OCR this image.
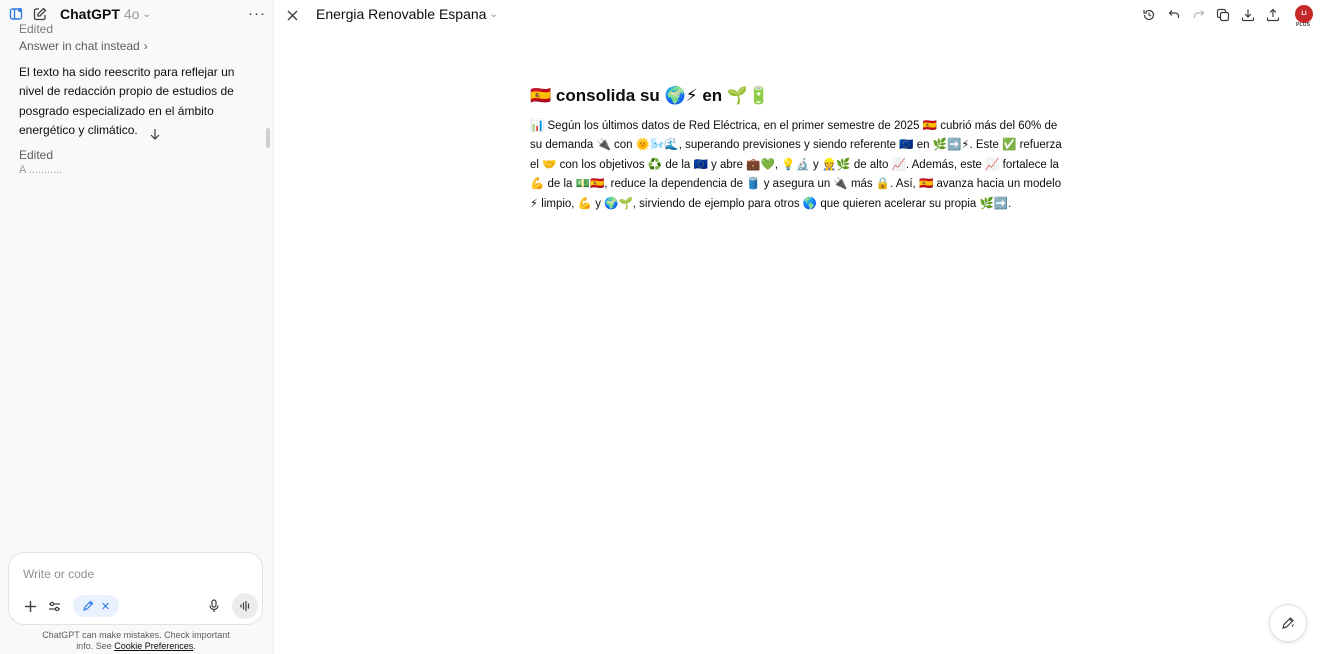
ChatGPT 4o ⌄	···
Edited
Answer in chat instead ›
El texto ha sido reescrito para reflejar un nivel de redacción propio de estudios de posgrado especializado en el ámbito energético y climático.
Edited
A ...........
Write or code
✕
ChatGPT can make mistakes. Check important info. See Cookie Preferences.
Energia Renovable Espana ⌄	LI
PLUS
🇪🇸 consolida su 🌍⚡ en 🌱🔋

📊 Según los últimos datos de Red Eléctrica, en el primer semestre de 2025 🇪🇸 cubrió más del 60% de su demanda 🔌 con 🌞🌬️🌊, superando previsiones y siendo referente 🇪🇺 en 🌿➡️⚡. Este ✅ refuerza el 🤝 con los objetivos ♻️ de la 🇪🇺 y abre 💼💚, 💡🔬 y 👷🌿 de alto 📈. Además, este 📈 fortalece la 💪 de la 💵🇪🇸, reduce la dependencia de 🛢️ y asegura un 🔌 más 🔒. Así, 🇪🇸 avanza hacia un modelo ⚡ limpio, 💪 y 🌍🌱, sirviendo de ejemplo para otros 🌎 que quieren acelerar su propia 🌿➡️.
